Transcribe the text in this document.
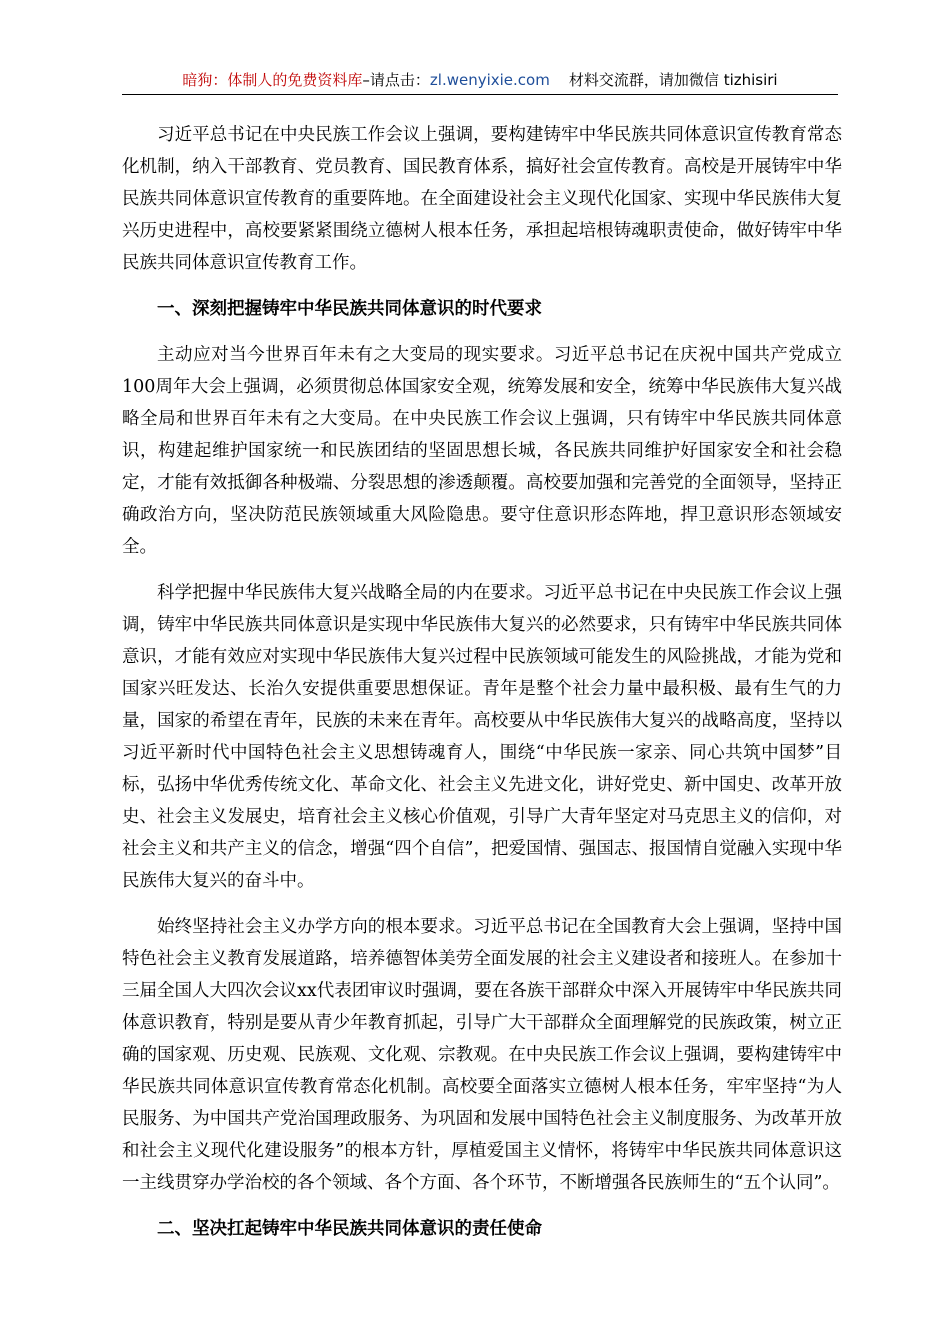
暗狗：体制人的免费资料库–请点击：zl.wenyixie.com 材料交流群，请加微信 tizhisiri

习近平总书记在中央民族工作会议上强调，要构建铸牢中华民族共同体意识宣传教育常态化机制，纳入干部教育、党员教育、国民教育体系，搞好社会宣传教育。高校是开展铸牢中华民族共同体意识宣传教育的重要阵地。在全面建设社会主义现代化国家、实现中华民族伟大复兴历史进程中，高校要紧紧围绕立德树人根本任务，承担起培根铸魂职责使命，做好铸牢中华民族共同体意识宣传教育工作。

一、深刻把握铸牢中华民族共同体意识的时代要求

主动应对当今世界百年未有之大变局的现实要求。习近平总书记在庆祝中国共产党成立100周年大会上强调，必须贯彻总体国家安全观，统筹发展和安全，统筹中华民族伟大复兴战略全局和世界百年未有之大变局。在中央民族工作会议上强调，只有铸牢中华民族共同体意识，构建起维护国家统一和民族团结的坚固思想长城，各民族共同维护好国家安全和社会稳定，才能有效抵御各种极端、分裂思想的渗透颠覆。高校要加强和完善党的全面领导，坚持正确政治方向，坚决防范民族领域重大风险隐患。要守住意识形态阵地，捍卫意识形态领域安全。

科学把握中华民族伟大复兴战略全局的内在要求。习近平总书记在中央民族工作会议上强调，铸牢中华民族共同体意识是实现中华民族伟大复兴的必然要求，只有铸牢中华民族共同体意识，才能有效应对实现中华民族伟大复兴过程中民族领域可能发生的风险挑战，才能为党和国家兴旺发达、长治久安提供重要思想保证。青年是整个社会力量中最积极、最有生气的力量，国家的希望在青年，民族的未来在青年。高校要从中华民族伟大复兴的战略高度，坚持以习近平新时代中国特色社会主义思想铸魂育人，围绕“中华民族一家亲、同心共筑中国梦”目标，弘扬中华优秀传统文化、革命文化、社会主义先进文化，讲好党史、新中国史、改革开放史、社会主义发展史，培育社会主义核心价值观，引导广大青年坚定对马克思主义的信仰，对社会主义和共产主义的信念，增强“四个自信”，把爱国情、强国志、报国情自觉融入实现中华民族伟大复兴的奋斗中。

始终坚持社会主义办学方向的根本要求。习近平总书记在全国教育大会上强调，坚持中国特色社会主义教育发展道路，培养德智体美劳全面发展的社会主义建设者和接班人。在参加十三届全国人大四次会议xx代表团审议时强调，要在各族干部群众中深入开展铸牢中华民族共同体意识教育，特别是要从青少年教育抓起，引导广大干部群众全面理解党的民族政策，树立正确的国家观、历史观、民族观、文化观、宗教观。在中央民族工作会议上强调，要构建铸牢中华民族共同体意识宣传教育常态化机制。高校要全面落实立德树人根本任务，牢牢坚持“为人民服务、为中国共产党治国理政服务、为巩固和发展中国特色社会主义制度服务、为改革开放和社会主义现代化建设服务”的根本方针，厚植爱国主义情怀，将铸牢中华民族共同体意识这一主线贯穿办学治校的各个领域、各个方面、各个环节，不断增强各民族师生的“五个认同”。

二、坚决扛起铸牢中华民族共同体意识的责任使命
